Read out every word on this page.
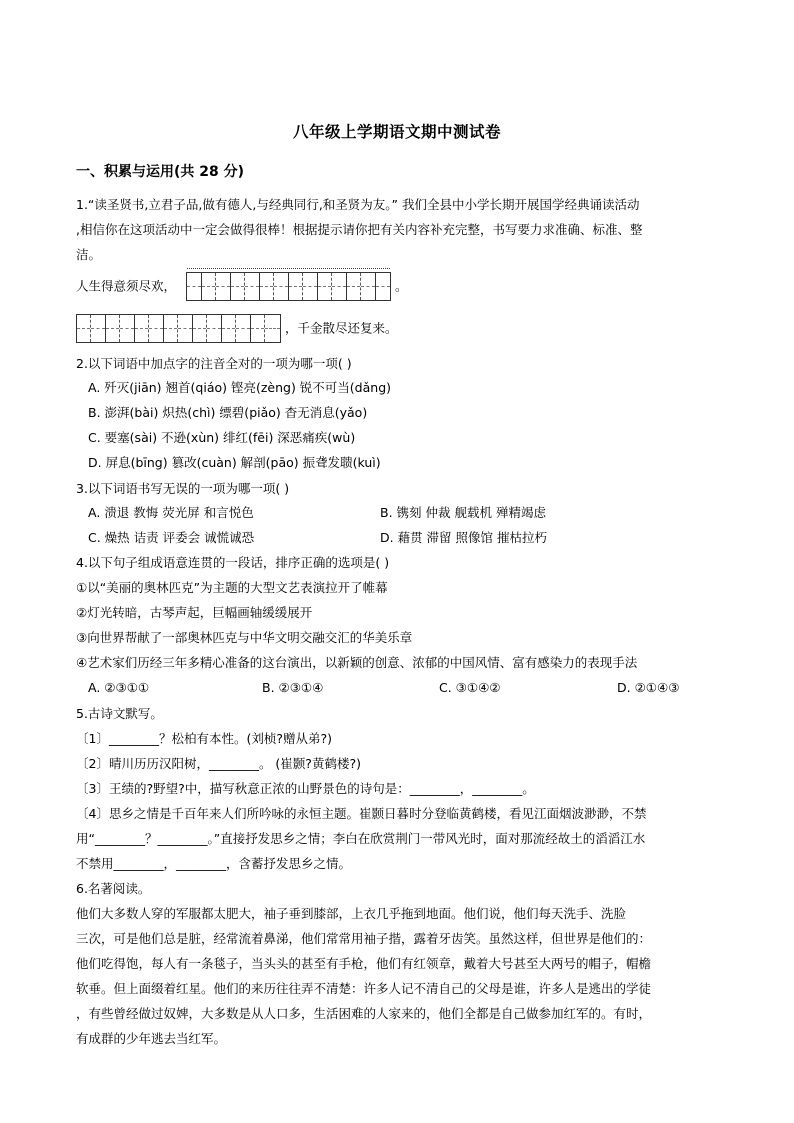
八年级上学期语文期中测试卷
一、积累与运用(共 28 分)
1.“读圣贤书,立君子品,做有德人,与经典同行,和圣贤为友。” 我们全县中小学长期开展国学经典诵读活动
,相信你在这项活动中一定会做得很棒！根据提示请你把有关内容补充完整，书写要力求准确、标准、整
洁。
人生得意须尽欢，	。
，千金散尽还复来。
2.以下词语中加点字的注音全对的一项为哪一项( )
A. 歼灭(jiān) 翘首(qiáo) 铿亮(zèng) 锐不可当(dǎng)
B. 澎湃(bài) 炽热(chì) 缥碧(piǎo) 杳无消息(yǎo)
C. 要塞(sài) 不逊(xùn) 绯红(fēi) 深恶痛疾(wù)
D. 屏息(bīng) 篡改(cuàn) 解剖(pāo) 振聋发聩(kuì)
3.以下词语书写无误的一项为哪一项( )
A. 溃退 教悔 荧光屏 和言悦色	B. 镌刻 仲裁 舰载机 殚精竭虑
C. 燥热 诘责 评委会 诚慌诚恐	D. 藉贯 滞留 照像馆 摧枯拉朽
4.以下句子组成语意连贯的一段话，排序正确的选项是( )
①以“美丽的奥林匹克”为主题的大型文艺表演拉开了帷幕
②灯光转暗，古琴声起，巨幅画轴缓缓展开
③向世界帮献了一部奥林匹克与中华文明交融交汇的华美乐章
④艺术家们历经三年多精心准备的这台演出，以新颖的创意、浓郁的中国风情、富有感染力的表现手法
A. ②③①①	B. ②③①④	C. ③①④②	D. ②①④③
5.古诗文默写。
〔1〕________？松柏有本性。(刘桢?赠从弟?)
〔2〕晴川历历汉阳树，________。 (崔颢?黄鹤楼?)
〔3〕王绩的?野望?中，描写秋意正浓的山野景色的诗句是：________，________。
〔4〕思乡之情是千百年来人们所吟咏的永恒主题。崔颢日暮时分登临黄鹤楼，看见江面烟波渺渺，不禁
用“________？________。”直接抒发思乡之情；李白在欣赏荆门一带风光时，面对那流经故土的滔滔江水
不禁用________，________，含蓄抒发思乡之情。
6.名著阅读。
他们大多数人穿的军服都太肥大，袖子垂到膝部，上衣几乎拖到地面。他们说，他们每天洗手、洗脸
三次，可是他们总是脏，经常流着鼻涕，他们常常用袖子揩，露着牙齿笑。虽然这样，但世界是他们的：
他们吃得饱，每人有一条毯子，当头头的甚至有手枪，他们有红领章，戴着大号甚至大两号的帽子，帽檐
软垂。但上面缀着红星。他们的来历往往弄不清楚：许多人记不清自己的父母是谁，许多人是逃出的学徒
，有些曾经做过奴婢，大多数是从人口多，生活困难的人家来的，他们全都是自己做参加红军的。有时，
有成群的少年逃去当红军。
